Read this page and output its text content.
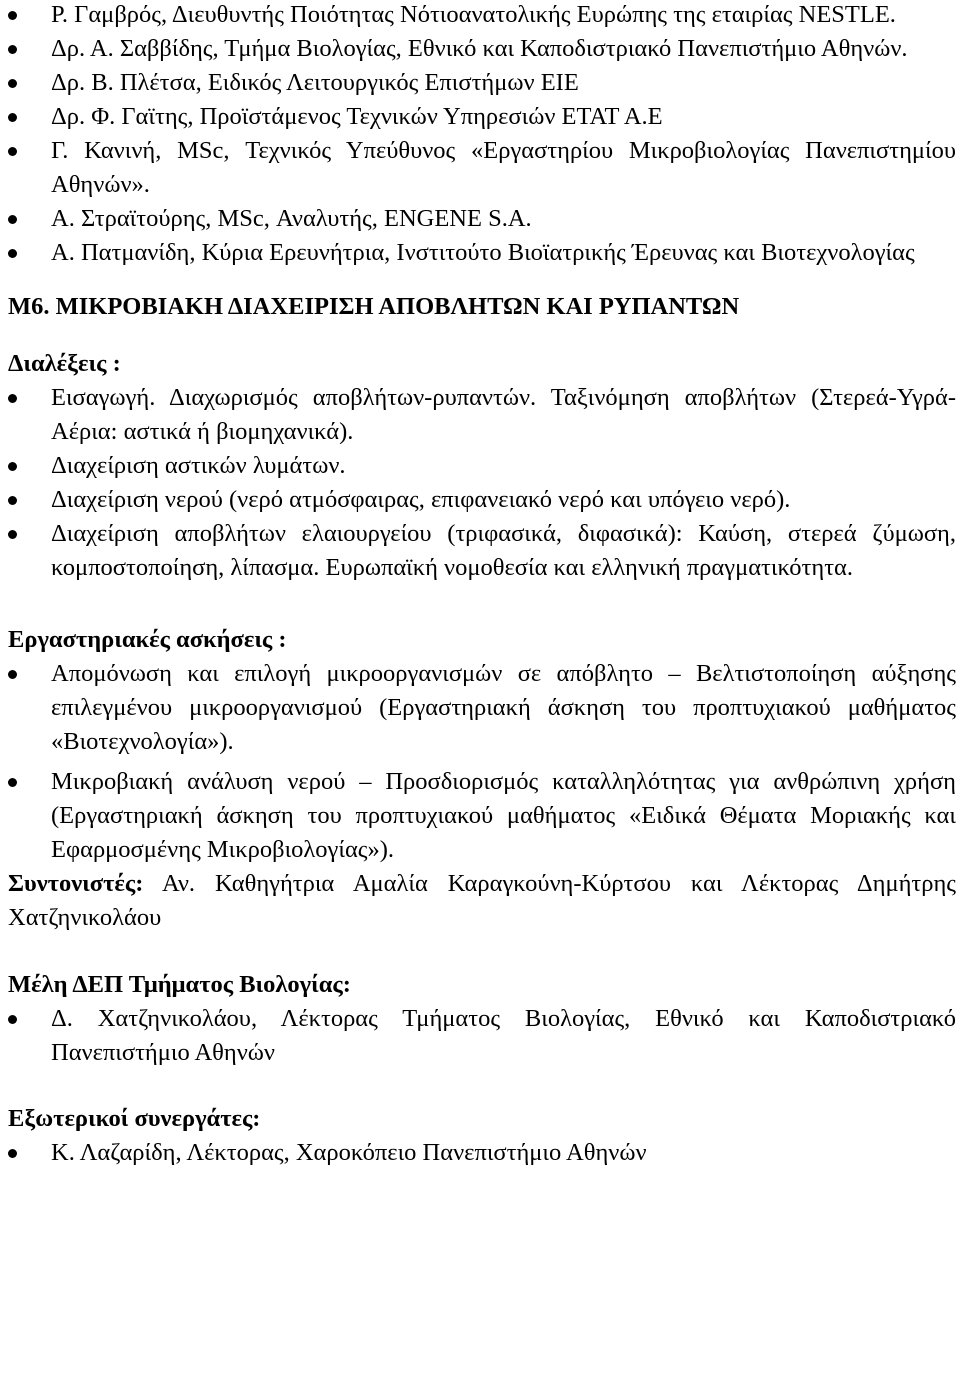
Ρ. Γαμβρός, Διευθυντής Ποιότητας Νότιοανατολικής Ευρώπης της εταιρίας NESTLE.
Δρ. Α. Σαββίδης, Τμήμα Βιολογίας, Εθνικό και Καποδιστριακό Πανεπιστήμιο Αθηνών.
Δρ. Β. Πλέτσα, Ειδικός Λειτουργικός Επιστήμων ΕΙΕ
Δρ. Φ. Γαϊτης, Προϊστάμενος Τεχνικών Υπηρεσιών ΕΤΑΤ Α.Ε
Γ. Κανινή, MSc, Τεχνικός Υπεύθυνος «Εργαστηρίου Μικροβιολογίας Πανεπιστημίου Αθηνών».
Α. Στραϊτούρης, MSc, Αναλυτής, ENGENE S.A.
Α. Πατμανίδη, Κύρια Ερευνήτρια, Ινστιτούτο Βιοϊατρικής Έρευνας και Βιοτεχνολογίας

M6. ΜΙΚΡΟΒΙΑΚΗ ΔΙΑΧΕΙΡΙΣΗ ΑΠΟΒΛΗΤΩΝ ΚΑΙ ΡΥΠΑΝΤΩΝ

Διαλέξεις :

Εισαγωγή. Διαχωρισμός αποβλήτων-ρυπαντών. Ταξινόμηση αποβλήτων (Στερεά-Υγρά-Αέρια: αστικά ή βιομηχανικά).
Διαχείριση αστικών λυμάτων.
Διαχείριση νερού (νερό ατμόσφαιρας, επιφανειακό νερό και υπόγειο νερό).
Διαχείριση αποβλήτων ελαιουργείου (τριφασικά, διφασικά): Καύση, στερεά ζύμωση, κομποστοποίηση, λίπασμα. Ευρωπαϊκή νομοθεσία και ελληνική πραγματικότητα.

Εργαστηριακές ασκήσεις :

Απομόνωση και επιλογή μικροοργανισμών σε απόβλητο – Βελτιστοποίηση αύξησης επιλεγμένου μικροοργανισμού (Εργαστηριακή άσκηση του προπτυχιακού μαθήματος «Βιοτεχνολογία»).
Μικροβιακή ανάλυση νερού – Προσδιορισμός καταλληλότητας για ανθρώπινη χρήση (Εργαστηριακή άσκηση του προπτυχιακού μαθήματος «Ειδικά Θέματα Μοριακής και Εφαρμοσμένης Μικροβιολογίας»).

Συντονιστές: Αν. Καθηγήτρια Αμαλία Καραγκούνη-Κύρτσου και Λέκτορας Δημήτρης Χατζηνικολάου

Μέλη ΔΕΠ Τμήματος Βιολογίας:

Δ. Χατζηνικολάου, Λέκτορας Τμήματος Βιολογίας, Εθνικό και Καποδιστριακό Πανεπιστήμιο Αθηνών

Εξωτερικοί συνεργάτες:

Κ. Λαζαρίδη, Λέκτορας, Χαροκόπειο Πανεπιστήμιο Αθηνών
